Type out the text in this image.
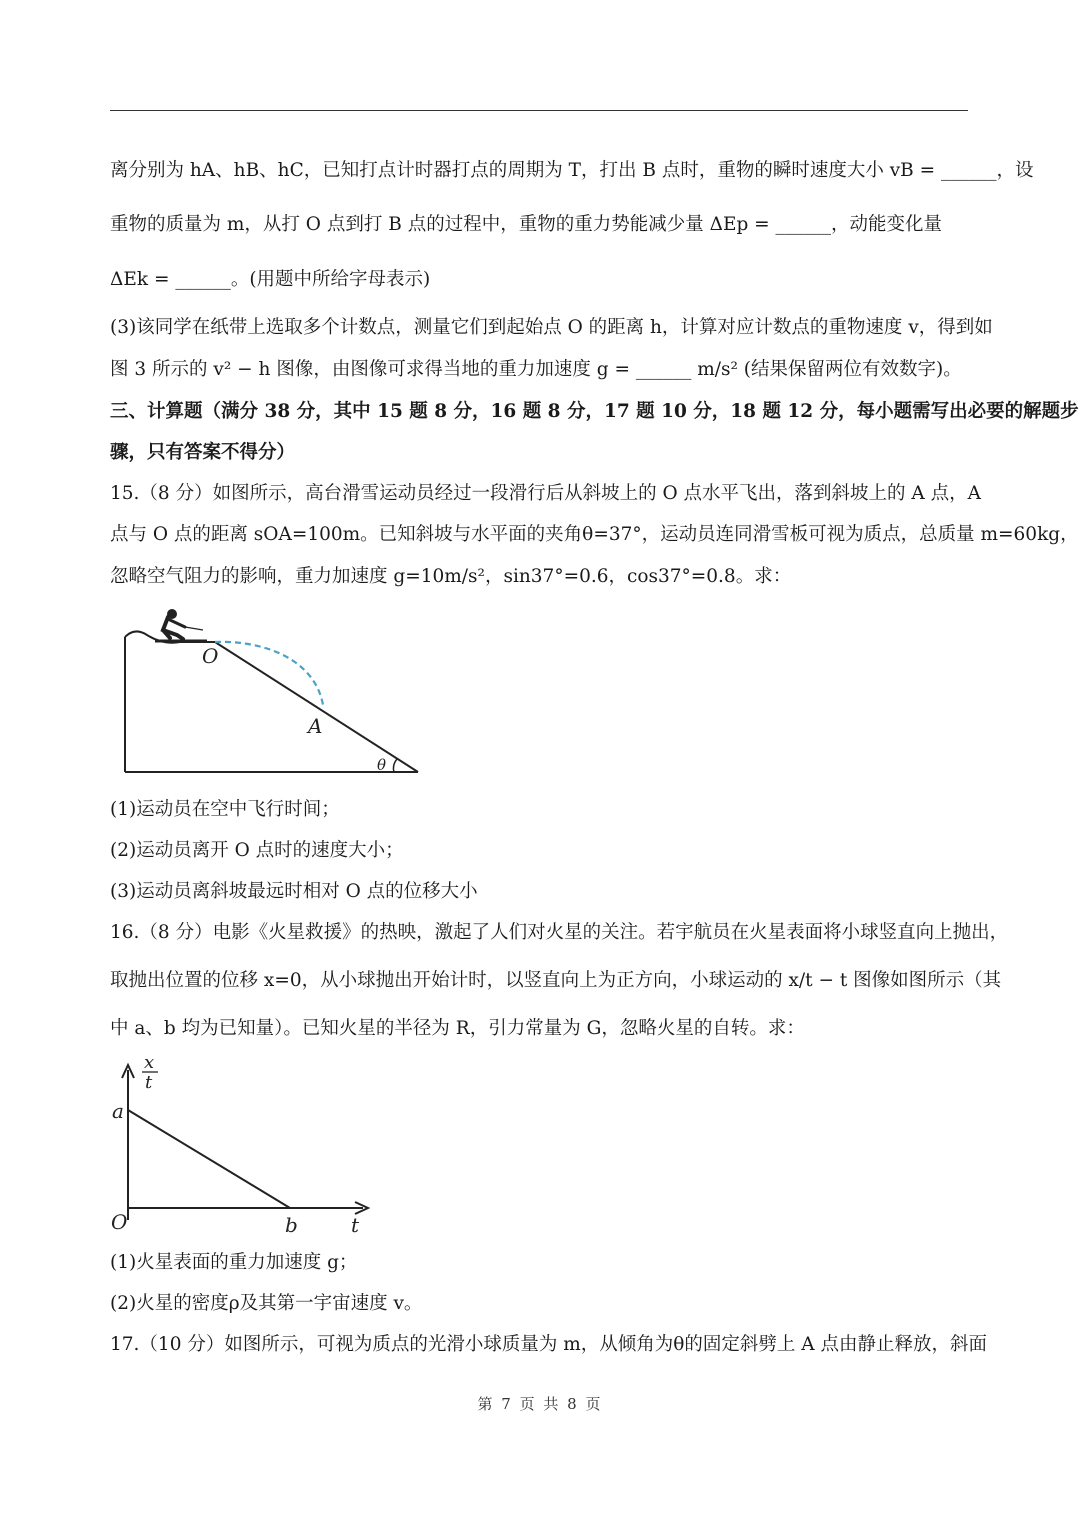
离分别为 hA、hB、hC，已知打点计时器打点的周期为 T，打出 B 点时，重物的瞬时速度大小 vB = ______，设
重物的质量为 m，从打 O 点到打 B 点的过程中，重物的重力势能减少量 ΔEp = ______，动能变化量
ΔEk = ______。(用题中所给字母表示)
(3)该同学在纸带上选取多个计数点，测量它们到起始点 O 的距离 h，计算对应计数点的重物速度 v，得到如
图 3 所示的 v² − h 图像，由图像可求得当地的重力加速度 g = ______ m/s² (结果保留两位有效数字)。
三、计算题（满分 38 分，其中 15 题 8 分，16 题 8 分，17 题 10 分，18 题 12 分，每小题需写出必要的解题步
骤，只有答案不得分）
15.（8 分）如图所示，高台滑雪运动员经过一段滑行后从斜坡上的 O 点水平飞出，落到斜坡上的 A 点，A
点与 O 点的距离 sOA=100m。已知斜坡与水平面的夹角θ=37°，运动员连同滑雪板可视为质点，总质量 m=60kg，
忽略空气阻力的影响，重力加速度 g=10m/s²，sin37°=0.6，cos37°=0.8。求：
O
A
θ
(1)运动员在空中飞行时间；
(2)运动员离开 O 点时的速度大小；
(3)运动员离斜坡最远时相对 O 点的位移大小
16.（8 分）电影《火星救援》的热映，激起了人们对火星的关注。若宇航员在火星表面将小球竖直向上抛出，
取抛出位置的位移 x=0，从小球抛出开始计时，以竖直向上为正方向，小球运动的 x/t − t 图像如图所示（其
中 a、b 均为已知量）。已知火星的半径为 R，引力常量为 G，忽略火星的自转。求：
x
t
a
O	b	t
(1)火星表面的重力加速度 g；
(2)火星的密度ρ及其第一宇宙速度 v。
17.（10 分）如图所示，可视为质点的光滑小球质量为 m，从倾角为θ的固定斜劈上 A 点由静止释放，斜面
第 7 页 共 8 页
